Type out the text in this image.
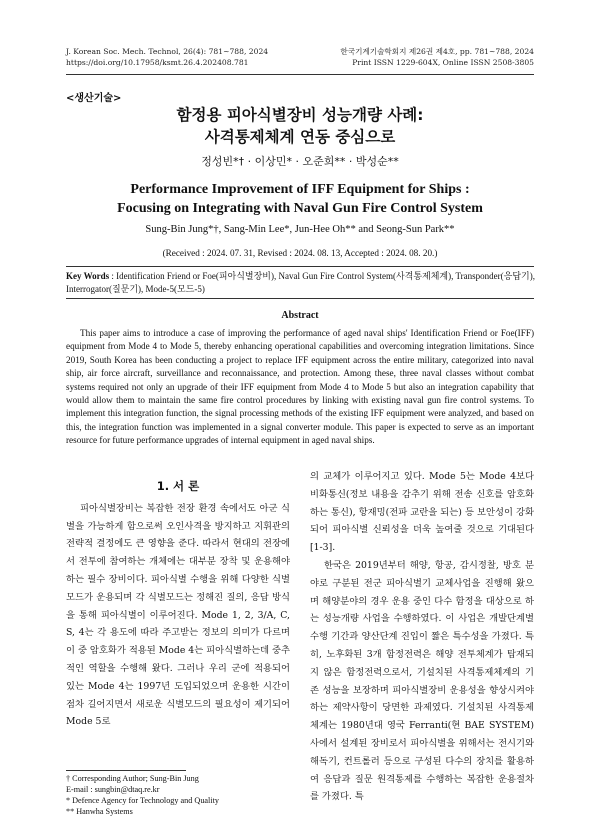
J. Korean Soc. Mech. Technol, 26(4): 781~788, 2024
https://doi.org/10.17958/ksmt.26.4.202408.781
한국기계기술학회지 제26권 제4호, pp. 781~788, 2024
Print ISSN 1229-604X, Online ISSN 2508-3805
<생산기술>
함정용 피아식별장비 성능개량 사례:
사격통제체계 연동 중심으로
정성빈*† · 이상민* · 오준희** · 박성순**
Performance Improvement of IFF Equipment for Ships :
Focusing on Integrating with Naval Gun Fire Control System
Sung-Bin Jung*†, Sang-Min Lee*, Jun-Hee Oh** and Seong-Sun Park**
(Received : 2024. 07. 31, Revised : 2024. 08. 13, Accepted : 2024. 08. 20.)
Key Words : Identification Friend or Foe(피아식별장비), Naval Gun Fire Control System(사격통제체계), Transponder(응답기), Interrogator(질문기), Mode-5(모드-5)
Abstract
This paper aims to introduce a case of improving the performance of aged naval ships' Identification Friend or Foe(IFF) equipment from Mode 4 to Mode 5, thereby enhancing operational capabilities and overcoming integration limitations. Since 2019, South Korea has been conducting a project to replace IFF equipment across the entire military, categorized into naval ship, air force aircraft, surveillance and reconnaissance, and protection. Among these, three naval classes without combat systems required not only an upgrade of their IFF equipment from Mode 4 to Mode 5 but also an integration capability that would allow them to maintain the same fire control procedures by linking with existing naval gun fire control systems. To implement this integration function, the signal processing methods of the existing IFF equipment were analyzed, and based on this, the integration function was implemented in a signal converter module. This paper is expected to serve as an important resource for future performance upgrades of internal equipment in aged naval ships.

1. 서 론

피아식별장비는 복잡한 전장 환경 속에서도 아군 식별을 가능하게 함으로써 오인사격을 방지하고 지휘관의 전략적 결정에도 큰 영향을 준다. 따라서 현대의 전장에서 전투에 참여하는 개체에는 대부분 장착 및 운용해야 하는 필수 장비이다. 피아식별 수행을 위해 다양한 식별모드가 운용되며 각 식별모드는 정해진 질의, 응답 방식을 통해 피아식별이 이루어진다. Mode 1, 2, 3/A, C, S, 4는 각 용도에 따라 주고받는 정보의 의미가 다르며 이 중 암호화가 적용된 Mode 4는 피아식별하는데 중추적인 역할을 수행해 왔다. 그러나 우리 군에 적용되어 있는 Mode 4는 1997년 도입되었으며 운용한 시간이 점차 길어지면서 새로운 식별모드의 필요성이 제기되어 Mode 5로

의 교체가 이루어지고 있다. Mode 5는 Mode 4보다 비화통신(정보 내용을 감추기 위해 전송 신호를 암호화하는 통신), 항재밍(전파 교란을 되는) 등 보안성이 강화되어 피아식별 신뢰성을 더욱 높여줄 것으로 기대된다[1-3].

한국은 2019년부터 해양, 항공, 감시정찰, 방호 분야로 구분된 전군 피아식별기 교체사업을 진행해 왔으며 해양분야의 경우 운용 중인 다수 함정을 대상으로 하는 성능개량 사업을 수행하였다. 이 사업은 개발단계별 수행 기간과 양산단계 진입이 짧은 특수성을 가졌다. 특히, 노후화된 3개 함정전력은 해양 전투체계가 탑재되지 않은 함정전력으로서, 기설치된 사격통제체계의 기존 성능을 보장하며 피아식별장비 운용성을 향상시켜야 하는 제약사항이 당면한 과제였다. 기설치된 사격통제체계는 1980년대 영국 Ferranti(현 BAE SYSTEM)사에서 설계된 장비로서 피아식별을 위해서는 전시기와 해독기, 컨트롤러 등으로 구성된 다수의 장치를 활용하여 응답과 질문 원격통제를 수행하는 복잡한 운용절차를 가졌다. 특

† Corresponding Author; Sung-Bin Jung
E-mail : sungbin@dtaq.re.kr
* Defence Agency for Technology and Quality
** Hanwha Systems
